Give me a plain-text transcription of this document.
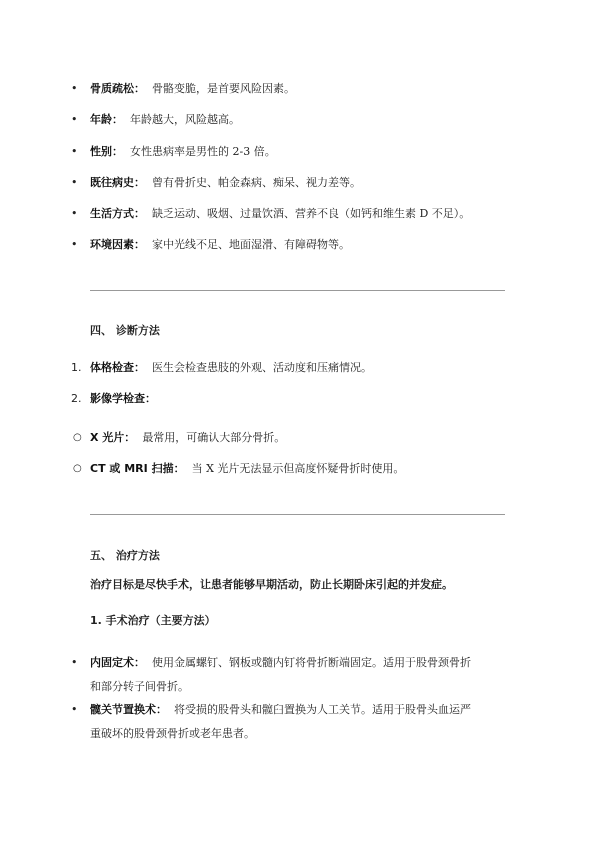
• 骨质疏松： 骨骼变脆，是首要风险因素。
• 年龄： 年龄越大，风险越高。
• 性别： 女性患病率是男性的 2-3 倍。
• 既往病史： 曾有骨折史、帕金森病、痴呆、视力差等。
• 生活方式： 缺乏运动、吸烟、过量饮酒、营养不良（如钙和维生素 D 不足）。
• 环境因素： 家中光线不足、地面湿滑、有障碍物等。
四、 诊断方法
1. 体格检查： 医生会检查患肢的外观、活动度和压痛情况。
2. 影像学检查：
○ X 光片： 最常用，可确认大部分骨折。
○ CT 或 MRI 扫描： 当 X 光片无法显示但高度怀疑骨折时使用。
五、 治疗方法
治疗目标是尽快手术，让患者能够早期活动，防止长期卧床引起的并发症。
1. 手术治疗（主要方法）
• 内固定术： 使用金属螺钉、钢板或髓内钉将骨折断端固定。适用于股骨颈骨折
和部分转子间骨折。
• 髋关节置换术： 将受损的股骨头和髋臼置换为人工关节。适用于股骨头血运严
重破坏的股骨颈骨折或老年患者。
